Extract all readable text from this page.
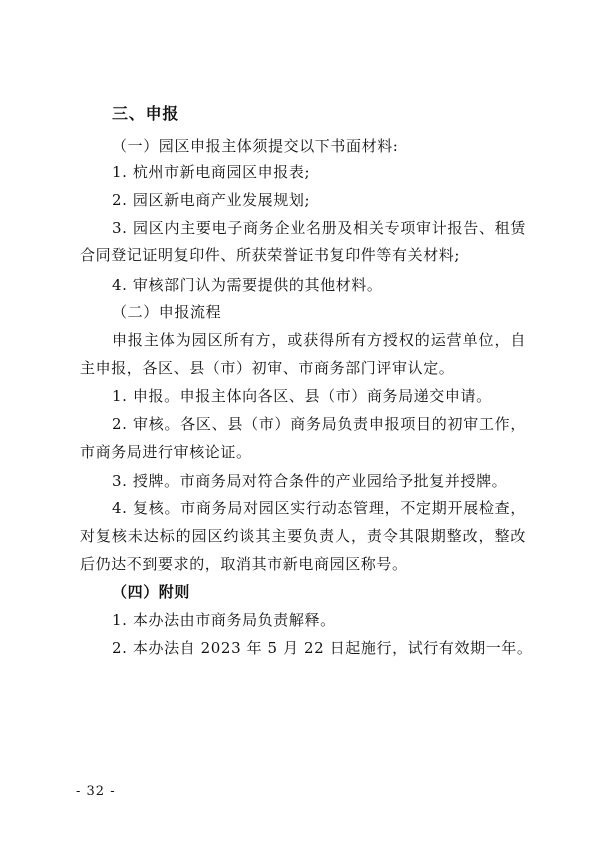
三、申报
（一）园区申报主体须提交以下书面材料:
1. 杭州市新电商园区申报表;
2. 园区新电商产业发展规划;
3. 园区内主要电子商务企业名册及相关专项审计报告、租赁
合同登记证明复印件、所获荣誉证书复印件等有关材料;
4. 审核部门认为需要提供的其他材料。
（二）申报流程
申报主体为园区所有方，或获得所有方授权的运营单位，自
主申报，各区、县（市）初审、市商务部门评审认定。
1. 申报。申报主体向各区、县（市）商务局递交申请。
2. 审核。各区、县（市）商务局负责申报项目的初审工作，
市商务局进行审核论证。
3. 授牌。市商务局对符合条件的产业园给予批复并授牌。
4. 复核。市商务局对园区实行动态管理，不定期开展检查，
对复核未达标的园区约谈其主要负责人，责令其限期整改，整改
后仍达不到要求的，取消其市新电商园区称号。
（四）附则
1. 本办法由市商务局负责解释。
2. 本办法自 2023 年 5 月 22 日起施行，试行有效期一年。
- 32 -
